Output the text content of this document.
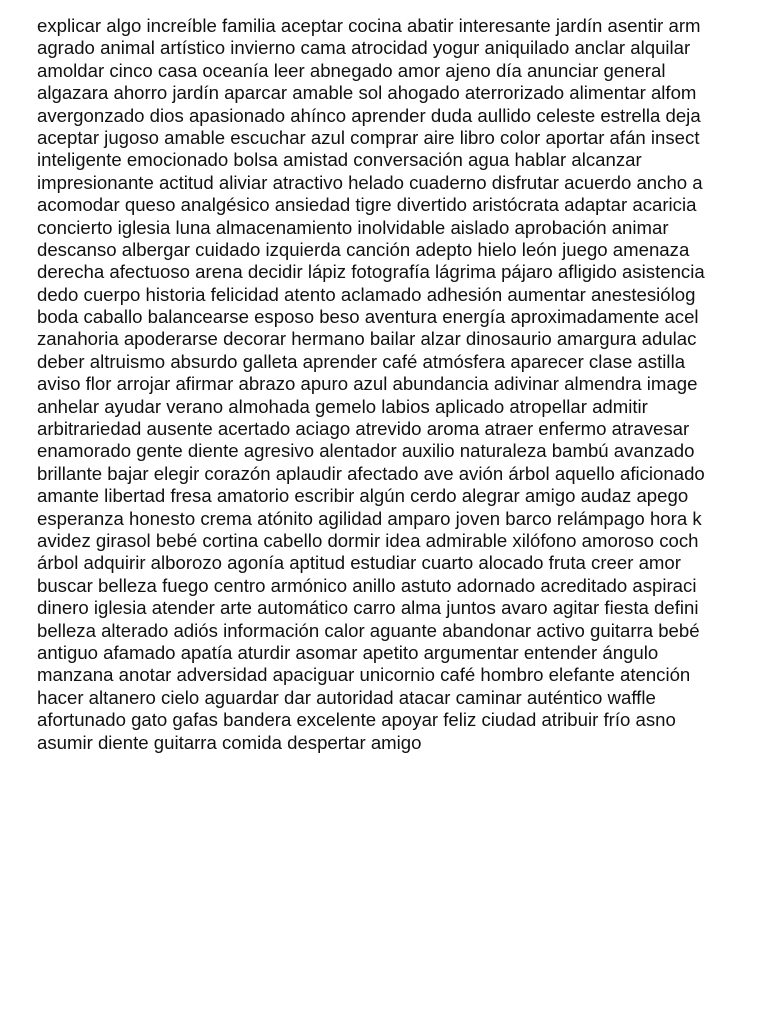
explicar algo increíble familia aceptar cocina abatir interesante jardín asentir arm
agrado animal artístico invierno cama atrocidad yogur aniquilado anclar alquilar
amoldar cinco casa oceanía leer abnegado amor ajeno día anunciar general
algazara ahorro jardín aparcar amable sol ahogado aterrorizado alimentar alfom
avergonzado dios apasionado ahínco aprender duda aullido celeste estrella deja
aceptar jugoso amable escuchar azul comprar aire libro color aportar afán insect
inteligente emocionado bolsa amistad conversación agua hablar alcanzar
impresionante actitud aliviar atractivo helado cuaderno disfrutar acuerdo ancho a
acomodar queso analgésico ansiedad tigre divertido aristócrata adaptar acaricia
concierto iglesia luna almacenamiento inolvidable aislado aprobación animar
descanso albergar cuidado izquierda canción adepto hielo león juego amenaza
derecha afectuoso arena decidir lápiz fotografía lágrima pájaro afligido asistencia
dedo cuerpo historia felicidad atento aclamado adhesión aumentar anestesiólog
boda caballo balancearse esposo beso aventura energía aproximadamente acel
zanahoria apoderarse decorar hermano bailar alzar dinosaurio amargura adulac
deber altruismo absurdo galleta aprender café atmósfera aparecer clase astilla
aviso flor arrojar afirmar abrazo apuro azul abundancia adivinar almendra image
anhelar ayudar verano almohada gemelo labios aplicado atropellar admitir
arbitrariedad ausente acertado aciago atrevido aroma atraer enfermo atravesar
enamorado gente diente agresivo alentador auxilio naturaleza bambú avanzado
brillante bajar elegir corazón aplaudir afectado ave avión árbol aquello aficionado
amante libertad fresa amatorio escribir algún cerdo alegrar amigo audaz apego
esperanza honesto crema atónito agilidad amparo joven barco relámpago hora k
avidez girasol bebé cortina cabello dormir idea admirable xilófono amoroso coch
árbol adquirir alborozo agonía aptitud estudiar cuarto alocado fruta creer amor
buscar belleza fuego centro armónico anillo astuto adornado acreditado aspiraci
dinero iglesia atender arte automático carro alma juntos avaro agitar fiesta defini
belleza alterado adiós información calor aguante abandonar activo guitarra bebé
antiguo afamado apatía aturdir asomar apetito argumentar entender ángulo
manzana anotar adversidad apaciguar unicornio café hombro elefante atención
hacer altanero cielo aguardar dar autoridad atacar caminar auténtico waffle
afortunado gato gafas bandera excelente apoyar feliz ciudad atribuir frío asno
asumir diente guitarra comida despertar amigo
